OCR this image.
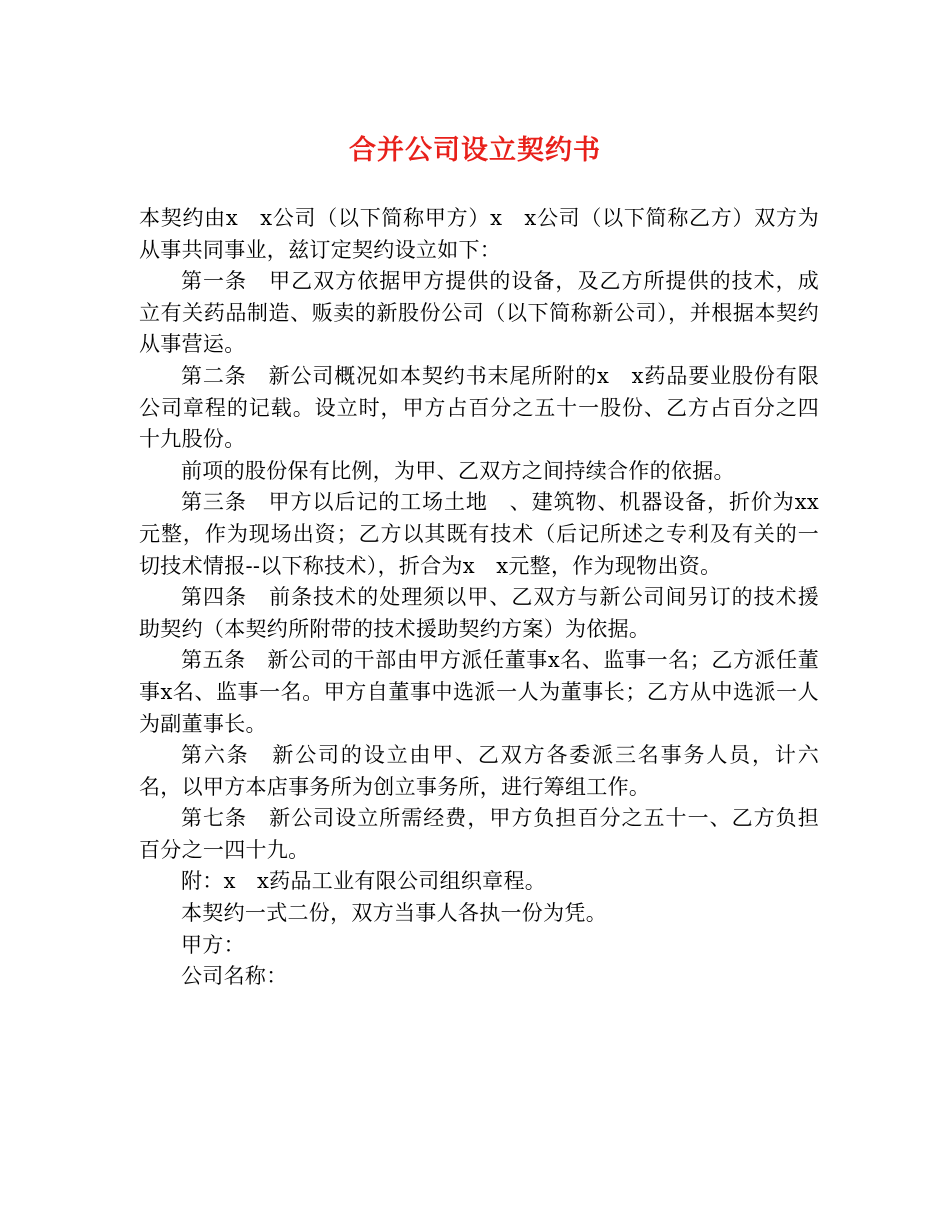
合并公司设立契约书

本契约由x　x公司（以下简称甲方）x　x公司（以下简称乙方）双方为从事共同事业，兹订定契约设立如下：

第一条　甲乙双方依据甲方提供的设备，及乙方所提供的技术，成立有关药品制造、贩卖的新股份公司（以下简称新公司），并根据本契约从事营运。

第二条　新公司概况如本契约书末尾所附的x　x药品要业股份有限公司章程的记载。设立时，甲方占百分之五十一股份、乙方占百分之四十九股份。

前项的股份保有比例，为甲、乙双方之间持续合作的依据。

第三条　甲方以后记的工场土地　、建筑物、机器设备，折价为xx元整，作为现场出资；乙方以其既有技术（后记所述之专利及有关的一切技术情报--以下称技术），折合为x　x元整，作为现物出资。

第四条　前条技术的处理须以甲、乙双方与新公司间另订的技术援助契约（本契约所附带的技术援助契约方案）为依据。

第五条　新公司的干部由甲方派任董事x名、监事一名；乙方派任董事x名、监事一名。甲方自董事中选派一人为董事长；乙方从中选派一人为副董事长。

第六条　新公司的设立由甲、乙双方各委派三名事务人员，计六名，以甲方本店事务所为创立事务所，进行筹组工作。

第七条　新公司设立所需经费，甲方负担百分之五十一、乙方负担百分之一四十九。

附：x　x药品工业有限公司组织章程。

本契约一式二份，双方当事人各执一份为凭。

甲方：

公司名称：
